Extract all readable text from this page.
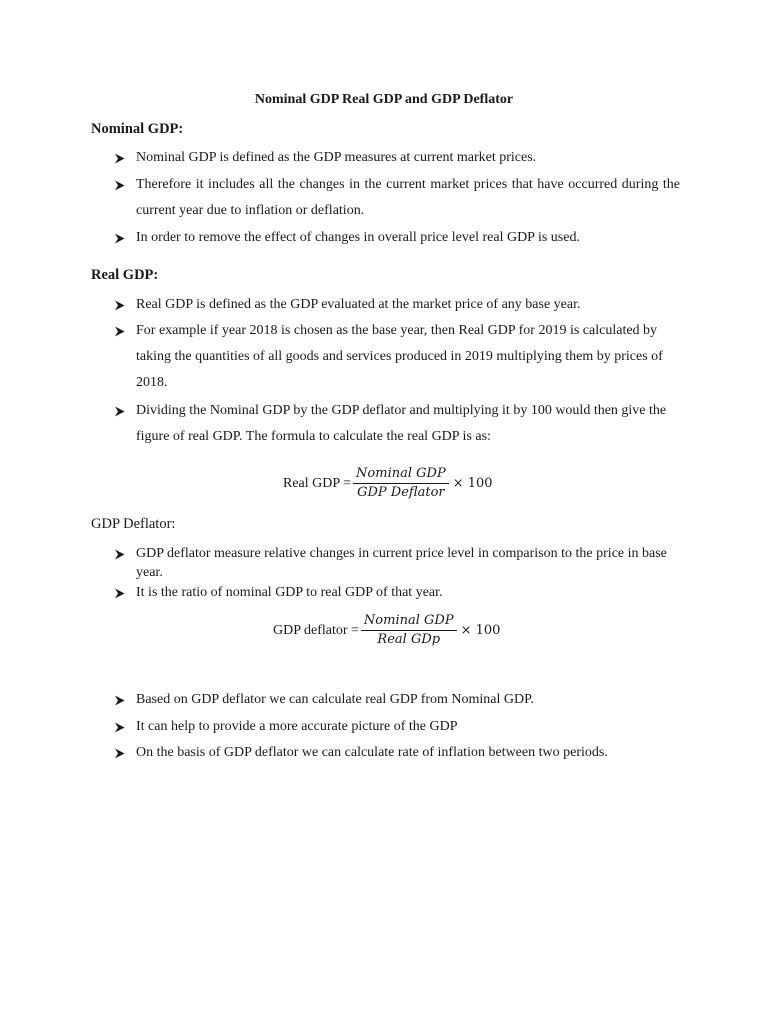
Nominal GDP Real GDP and GDP Deflator
Nominal GDP:
Nominal GDP is defined as the GDP measures at current market prices.
Therefore it includes all the changes in the current market prices that have occurred during the current year due to inflation or deflation.
In order to remove the effect of changes in overall price level real GDP is used.
Real GDP:
Real GDP is defined as the GDP evaluated at the market price of any base year.
For example if year 2018 is chosen as the base year, then Real GDP for 2019 is calculated by taking the quantities of all goods and services produced in 2019 multiplying them by prices of 2018.
Dividing the Nominal GDP by the GDP deflator and multiplying it by 100 would then give the figure of real GDP. The formula to calculate the real GDP is as:
Real GDP = $\frac{\text{Nominal GDP}}{\text{GDP Deflator}} \times 100$
GDP Deflator:
GDP deflator measure relative changes in current price level in comparison to the price in base year.
It is the ratio of nominal GDP to real GDP of that year.
GDP deflator = $\frac{\text{Nominal GDP}}{\text{Real GDp}} \times 100$
Based on GDP deflator we can calculate real GDP from Nominal GDP.
It can help to provide a more accurate picture of the GDP
On the basis of GDP deflator we can calculate rate of inflation between two periods.
